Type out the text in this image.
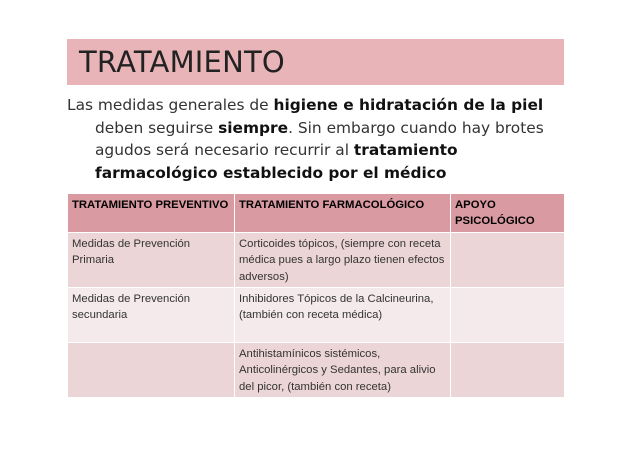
TRATAMIENTO

Las medidas generales de higiene e hidratación de la piel deben seguirse siempre. Sin embargo cuando hay brotes agudos será necesario recurrir al tratamiento farmacológico establecido por el médico

TRATAMIENTO PREVENTIVO	TRATAMIENTO FARMACOLÓGICO	APOYO PSICOLÓGICO
Medidas de Prevención Primaria	Corticoides tópicos, (siempre con receta médica pues a largo plazo tienen efectos adversos)	
Medidas de Prevención secundaria	Inhibidores Tópicos de la Calcineurina, (también con receta médica)	
	Antihistamínicos sistémicos, Anticolinérgicos y Sedantes, para alivio del picor, (también con receta)	
